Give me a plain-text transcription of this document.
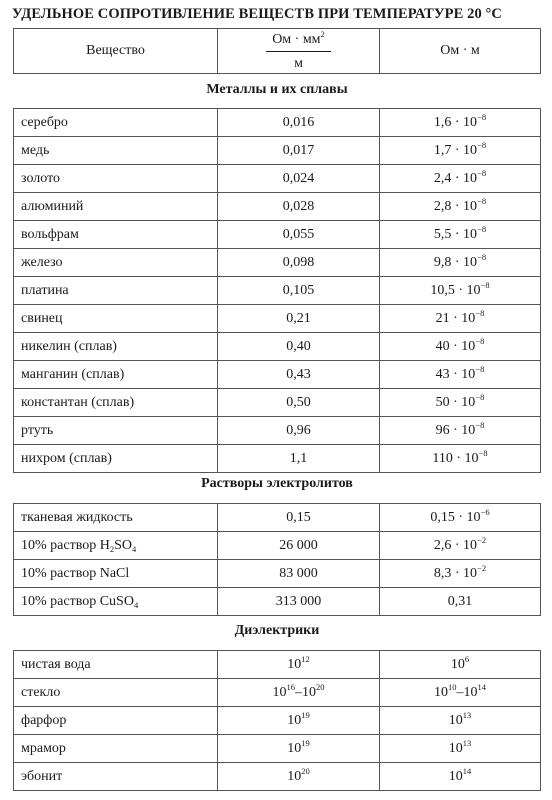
УДЕЛЬНОЕ СОПРОТИВЛЕНИЕ ВЕЩЕСТВ ПРИ ТЕМПЕРАТУРЕ 20 °С
Вещество	$\frac{Ом \cdot мм^2}{м}$	Ом · м
Металлы и их сплавы
серебро	0,016	$1,6 \cdot 10^{-8}$
медь	0,017	$1,7 \cdot 10^{-8}$
золото	0,024	$2,4 \cdot 10^{-8}$
алюминий	0,028	$2,8 \cdot 10^{-8}$
вольфрам	0,055	$5,5 \cdot 10^{-8}$
железо	0,098	$9,8 \cdot 10^{-8}$
платина	0,105	$10,5 \cdot 10^{-8}$
свинец	0,21	$21 \cdot 10^{-8}$
никелин (сплав)	0,40	$40 \cdot 10^{-8}$
манганин (сплав)	0,43	$43 \cdot 10^{-8}$
константан (сплав)	0,50	$50 \cdot 10^{-8}$
ртуть	0,96	$96 \cdot 10^{-8}$
нихром (сплав)	1,1	$110 \cdot 10^{-8}$
Растворы электролитов
тканевая жидкость	0,15	$0,15 \cdot 10^{-6}$
10% раствор $H_2SO_4$	26 000	$2,6 \cdot 10^{-2}$
10% раствор NaCl	83 000	$8,3 \cdot 10^{-2}$
10% раствор CuSO$_4$	313 000	0,31
Диэлектрики
чистая вода	$10^{12}$	$10^6$
стекло	$10^{16}-10^{20}$	$10^{10}-10^{14}$
фарфор	$10^{19}$	$10^{13}$
мрамор	$10^{19}$	$10^{13}$
эбонит	$10^{20}$	$10^{14}$
